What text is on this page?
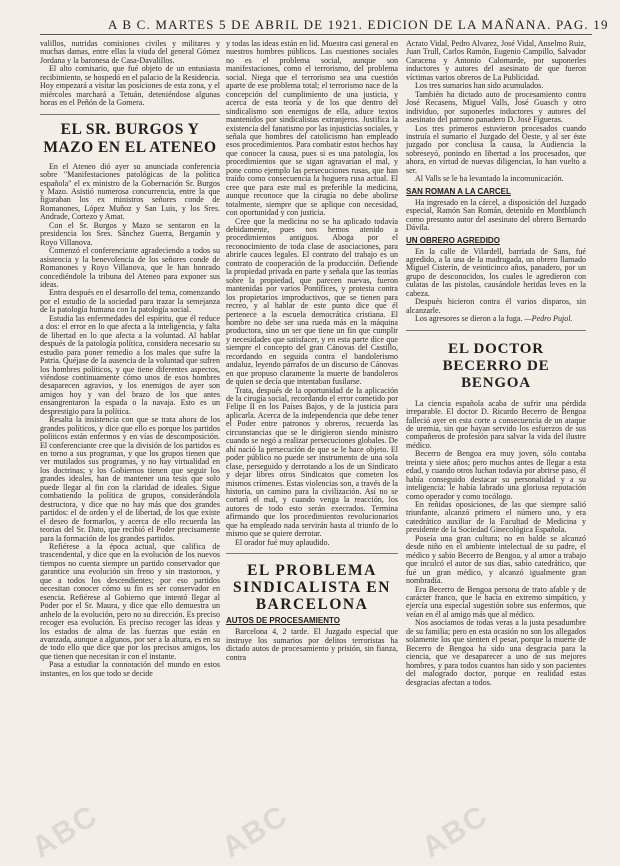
A B C. MARTES 5 DE ABRIL DE 1921. EDICION DE LA MAÑANA. PAG. 19

valillos, nutridas comisiones civiles y militares y muchas damas, entre ellas la viuda del general Gómez Jordana y la baronesa de Casa-Davalillos.

El alto comisario, que fué objeto de un entusiasta recibimiento, se hospedó en el palacio de la Residencia. Hoy empezará a visitar las posiciones de esta zona, y el miércoles marchará a Tetuán, deteniéndose algunas horas en el Peñón de la Gomera.

EL SR. BURGOS Y MAZO EN EL ATENEO

En el Ateneo dió ayer su anunciada conferencia sobre "Manifestaciones patológicas de la política española" el ex ministro de la Gobernación Sr. Burgos y Mazo. Asistió numerosa concurrencia, entre la que figuraban los ex ministros señores conde de Romanones, López Muñoz y San Luis, y los Sres. Andrade, Cortezo y Amat.

Con el Sr. Burgos y Mazo se sentaron en la presidencia los Sres. Sánchez Guerra, Bergamín y Royo Villanova.

Comenzó el conferenciante agradeciendo a todos su asistencia y la benevolencia de los señores conde de Romanones y Royo Villanova, que le han honrado concediéndole la tribuna del Ateneo para exponer sus ideas.

Entra después en el desarrollo del tema, comenzando por el estudio de la sociedad para trazar la semejanza de la patología humana con la patología social.

Estudia las enfermedades del espíritu, que él reduce a dos: el error en lo que afecta a la inteligencia, y falta de libertad en lo que afecta a la voluntad. Al hablar después de la patología política, considera necesario su estudio para poner remedio a los males que sufre la Patria. Quéjase de la ausencia de la voluntad que sufren los hombres políticos, y que tiene diferentes aspectos, viéndose continuamente cómo unos de esos hombres desaparecen agravios, y los enemigos de ayer son amigos hoy y van del brazo de los que antes ensangrentaron la espada o la navaja. Esto es un desprestigio para la política.

Resalta la insistencia con que se trata ahora de los grandes políticos, y dice que ello es porque los partidos políticos están enfermos y en vías de descomposición. El conferenciante cree que la división de los partidos es en torno a sus programas, y que los grupos tienen que ver mutilados sus programas, y no hay virtualidad en los doctrinas; y los Gobiernos tienen que seguir los grandes ideales, han de mantener una tesis que solo puede llegar al fin con la claridad de ideales. Sigue combatiendo la política de grupos, considerándola destructora, y dice que no hay más que dos grandes partidos: el de orden y el de libertad, de los que existe el deseo de formarlos, y acerca de ello recuerda las teorías del Sr. Dato, que recibió el Poder precisamente para la formación de los grandes partidos.

Refiérese a la época actual, que califica de trascendental, y dice que en la evolución de los nuevos tiempos no cuenta siempre un partido conservador que garantice una evolución sin freno y sin trastornos, y que a todos los descendientes; por eso partidos necesitan conocer cómo su fin es ser conservador en esencia. Refiérese al Gobierno que intentó llegar al Poder por el Sr. Maura, y dice que ello demuestra un anhelo de la evolución, pero no su dirección. Es preciso recoger esa evolución. Es preciso recoger las ideas y los estados de alma de las fuerzas que están en avanzada, aunque a algunos, por ser a la altura, es en su de todo ello que dice que por los precisos amigos, los que tienen que necesitan ir con el instante.

Pasa a estudiar la connotación del mundo en estos instantes, en los que todo se decide

y todas las ideas están en lid. Muestra casi general en nuestros hombres públicos. Las cuestiones sociales no es el problema social, aunque son manifestaciones, como el terrorismo, del problema social. Niega que el terrorismo sea una cuestión aparte de ese problema total; el terrorismo nace de la concepción del cumplimiento de una justicia, y acerca de esta teoría y de los que dentro del sindicalismo son enemigos de ella, aduce textos mantenidos por sindicalistas extranjeros. Justifica la existencia del fanatismo por las injusticias sociales, y señala que hombres del catolicismo han empleado esos procedimientos. Para combatir estos hechos hay que conocer la causa, pues si es una patología, los procedimientos que se sigan agravarían el mal, y pone como ejemplo las persecuciones rusas, que han traído como consecuencia la hoguera rusa actual. El cree que para este mal es preferible la medicina, aunque reconoce que la cirugía no debe abolirse totalmente, siempre que se aplique con necesidad, con oportunidad y con justicia.

Cree que la medicina no se ha aplicado todavía debidamente, pues nos hemos atenido a procedimientos antiguos. Aboga por el reconocimiento de toda clase de asociaciones, para abrirle cauces legales. El contrato del trabajo es un contrato de cooperación de la producción. Defiende la propiedad privada en parte y señala que las teorías sobre la propiedad, que parecen nuevas, fueron mantenidas por varios Pontífices, y protesta contra los propietarios improductivos, que se tienen para recreo, y al hablar de este punto dice que él pertenece a la escuela democrática cristiana. El hombre no debe ser una rueda más en la máquina productora, sino un ser que tiene un fin que cumplir y necesidades que satisfacer, y en esta parte dice que siempre el concepto del gran Cánovas del Castillo, recordando en seguida contra el bandolerismo andaluz, leyendo párrafos de un discurso de Cánovas en que propuso claramente la muerte de bandoleros de quien se decía que intentaban fusilarse.

Trata, después de la oportunidad de la aplicación de la cirugía social, recordando el error cometido por Felipe II en los Países Bajos, y de la justicia para aplicarla. Acerca de la independencia que debe tener el Poder entre patronos y obreros, recuerda las circunstancias que se le dirigieron siendo ministro cuando se negó a realizar persecuciones globales. De ahí nació la persecución de que se le hace objeto. El poder público no puede ser instrumento de una sola clase, perseguido y derrotando a los de un Sindicato y dejar libres otros Sindicatos que cometen los mismos crímenes. Estas violencias son, a través de la historia, un camino para la civilización. Así no se cortará el mal, y cuando venga la reacción, los autores de todo esto serán execrados. Termina afirmando que los procedimientos revolucionarios que ha empleado nada servirán hasta al triunfo de lo mismo que se quiere derrotar.

El orador fué muy aplaudido.

EL PROBLEMA SINDICALISTA EN BARCELONA
AUTOS DE PROCESAMIENTO

Barcelona 4, 2 tarde. El Juzgado especial que instruye los sumarios por delitos terroristas ha dictado autos de procesamiento y prisión, sin fianza, contra

Acrato Vidal, Pedro Alvarez, José Vidal, Anselmo Ruiz, Juan Trull, Carlos Ramón, Eugenio Campillo, Salvador Caracena y Antonio Calomarde, por suponerles inductores y autores del asesinato de que fueron víctimas varios obreros de La Publicidad.

Los tres sumarios han sido acumulados.

También ha dictado auto de procesamiento contra José Recasens, Miguel Valls, José Guasch y otro individuo, por suponerles inductores y autores del asesinato del patrono panadero D. José Figueras.

Los tres primeros estuvieron procesados cuando instruía el sumario el Juzgado del Oeste, y al ser éste juzgado por conclusa la causa, la Audiencia la sobreseyó, ponindo en libertad a los procesados, que ahora, en virtud de nuevas diligencias, lo han vuelto a ser.

Al Valls se le ha levantado la incomunicación.

SAN ROMAN A LA CARCEL

Ha ingresado en la cárcel, a disposición del Juzgado especial, Ramón San Román, detenido en Montblanch como presunto autor del asesinato del obrero Bernardo Dávila.

UN OBRERO AGREDIDO

En la calle de Vilardell, barriada de Sans, fué agredido, a la una de la madrugada, un obrero llamado Miguel Cisterín, de veinticinco años, panadero, por un grupo de desconocidos, los cuales le agredieron con culatas de las pistolas, causándole heridas leves en la cabeza.

Después hicieron contra él varios disparos, sin alcanzarle.

Los agresores se dieron a la fuga. —Pedro Pujol.

EL DOCTOR BECERRO DE BENGOA

La ciencia española acaba de sufrir una pérdida irreparable. El doctor D. Ricardo Becerro de Bengoa falleció ayer en esta corte a consecuencia de un ataque de uremia, sin que hayan servido los esfuerzos de sus compañeros de profesión para salvar la vida del ilustre médico.

Becerro de Bengoa era muy joven, sólo contaba treinta y siete años; pero muchos antes de llegar a esta edad, y cuando otros luchan todavía por abrirse paso, él había conseguido destacar su personalidad y a su inteligencia: le había labrado una gloriosa reputación como operador y como tocólogo.

En reñidas oposiciones, de las que siempre salió triunfante, alcanzó primero el número uno, y era catedrático auxiliar de la Facultad de Medicina y presidente de la Sociedad Ginecológica Española.

Poseía una gran cultura; no en balde se alcanzó desde niño en el ambiente intelectual de su padre, el médico y sabio Becerro de Bengoa, y al amor a trabajo que inculcó el autor de sus días, sabio catedrático, que fué un gran médico, y alcanzó igualmente gran nombradía.

Era Becerro de Bengoa persona de trato afable y de carácter franco, que le hacía en extremo simpático, y ejercía una especial sugestión sobre sus enfermos, que veían en él al amigo más que al médico.

Nos asociamos de todas veras a la justa pesadumbre de su familia; pero en esta ocasión no son los allegados solamente los que sienten el pesar, porque la muerte de Becerro de Bengoa ha sido una desgracia para la ciencia, que ve desaparecer a uno de sus mejores hombres, y para todos cuantos han sido y son pacientes del malogrado doctor, porque en realidad estas desgracias afectan a todos.

ABC	ABC	ABC
